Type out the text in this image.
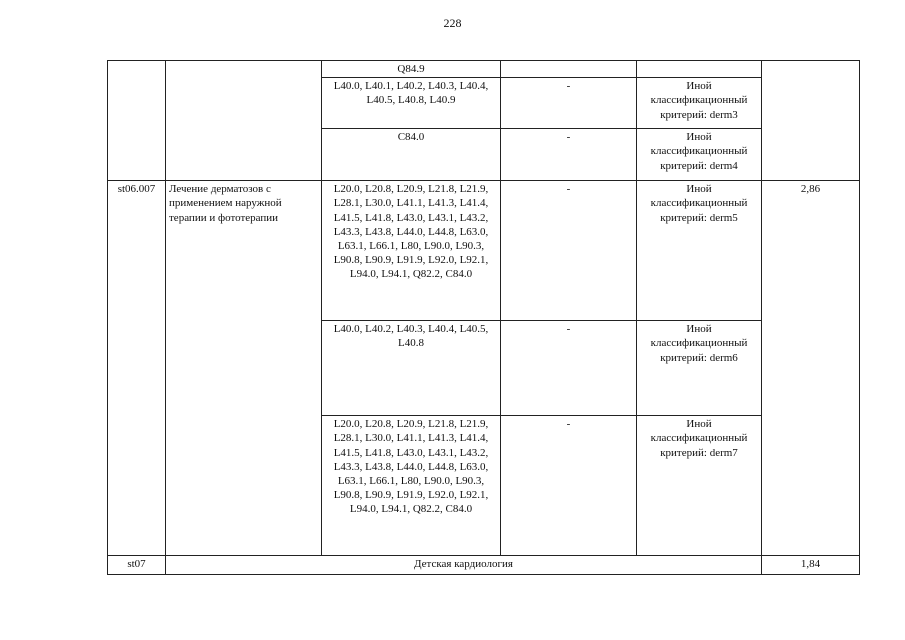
228
		Q84.9			
		L40.0, L40.1, L40.2, L40.3, L40.4, L40.5, L40.8, L40.9	-	Иной классификационный критерий: derm3	
		C84.0	-	Иной классификационный критерий: derm4	
st06.007	Лечение дерматозов с применением наружной терапии и фототерапии	L20.0, L20.8, L20.9, L21.8, L21.9, L28.1, L30.0, L41.1, L41.3, L41.4, L41.5, L41.8, L43.0, L43.1, L43.2, L43.3, L43.8, L44.0, L44.8, L63.0, L63.1, L66.1, L80, L90.0, L90.3, L90.8, L90.9, L91.9, L92.0, L92.1, L94.0, L94.1, Q82.2, C84.0	-	Иной классификационный критерий: derm5	2,86
		L40.0, L40.2, L40.3, L40.4, L40.5, L40.8	-	Иной классификационный критерий: derm6	
		L20.0, L20.8, L20.9, L21.8, L21.9, L28.1, L30.0, L41.1, L41.3, L41.4, L41.5, L41.8, L43.0, L43.1, L43.2, L43.3, L43.8, L44.0, L44.8, L63.0, L63.1, L66.1, L80, L90.0, L90.3, L90.8, L90.9, L91.9, L92.0, L92.1, L94.0, L94.1, Q82.2, C84.0	-	Иной классификационный критерий: derm7	
st07	Детская кардиология				1,84
